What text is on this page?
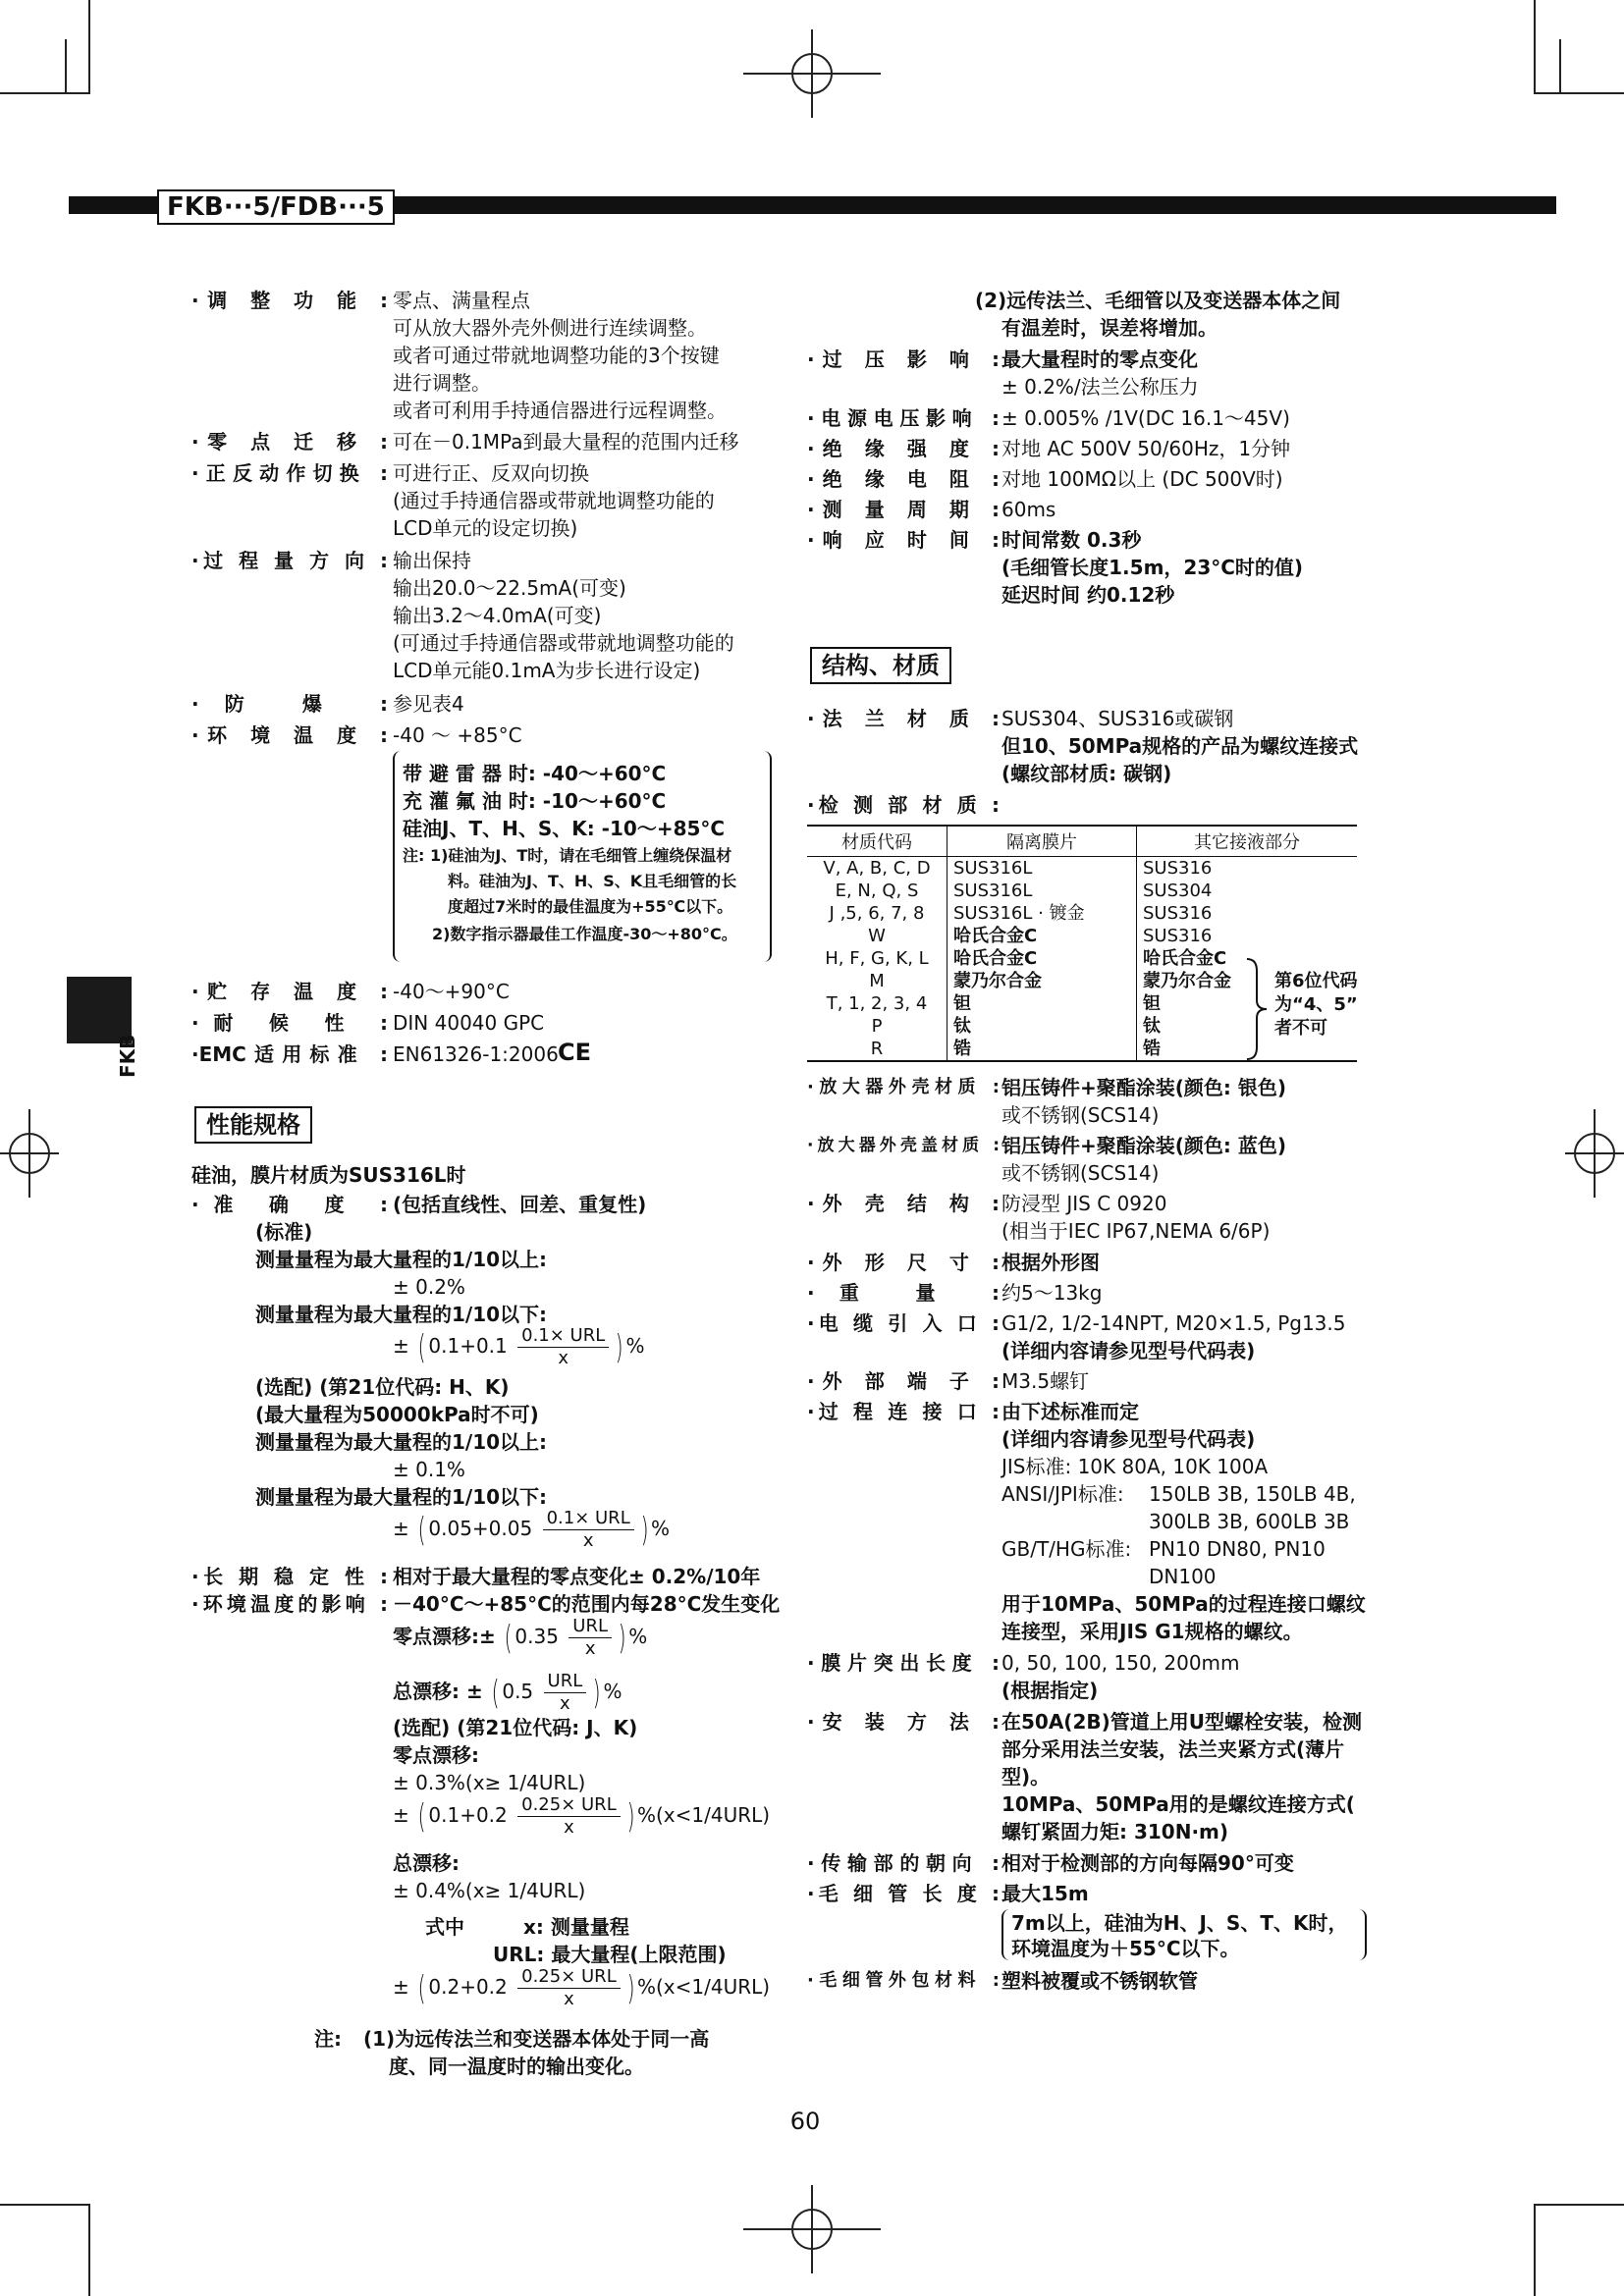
FKB···5/FDB···5
FKB
·调 整 功 能 : 零点、满量程点
可从放大器外壳外侧进行连续调整。
或者可通过带就地调整功能的3个按键
进行调整。
或者可利用手持通信器进行远程调整。
·零 点 迁 移 : 可在－0.1MPa到最大量程的范围内迁移
·正反动作切换 : 可进行正、反双向切换
(通过手持通信器或带就地调整功能的
LCD单元的设定切换)
·过 程 量 方 向 : 输出保持
输出20.0～22.5mA(可变)
输出3.2～4.0mA(可变)
(可通过手持通信器或带就地调整功能的
LCD单元能0.1mA为步长进行设定)
·防 爆 : 参见表4
·环 境 温 度 : -40 ～ +85°C
带 避 雷 器 时: -40～+60°C
充 灌 氟 油 时: -10～+60°C
硅油J、T、H、S、K: -10～+85°C
注: 1)硅油为J、T时，请在毛细管上缠绕保温材
料。硅油为J、T、H、S、K且毛细管的长
度超过7米时的最佳温度为+55℃以下。
2)数字指示器最佳工作温度-30～+80°C。
·贮 存 温 度 : -40～+90°C
·耐 候 性 : DIN 40040 GPC
·EMC适用标准 : EN61326-1:2006 CE
性能规格
硅油，膜片材质为SUS316L时
·准 确 度 : (包括直线性、回差、重复性)
(标准)
测量量程为最大量程的1/10以上:
± 0.2%
测量量程为最大量程的1/10以下:
± ( $0.1+0.1 \frac{\text{0.1× URL}}{x}$ ) %
(选配) (第21位代码: H、K)
(最大量程为50000kPa时不可)
测量量程为最大量程的1/10以上:
± 0.1%
测量量程为最大量程的1/10以下:
± ( $0.05+0.05 \frac{\text{0.1× URL}}{x}$ ) %
·长 期 稳 定 性 : 相对于最大量程的零点变化± 0.2%/10年
·环境温度的影响 : －40°C～+85°C的范围内每28°C发生变化
零点漂移:± ( $0.35 \frac{\text{URL}}{x}$ ) %
总漂移: ± ( $0.5 \frac{\text{URL}}{x}$ ) %
(选配) (第21位代码: J、K)
零点漂移:
± 0.3%(x≥ 1/4URL)
± ( $0.1+0.2 \frac{\text{0.25× URL}}{x}$ ) %(x<1/4URL)
总漂移:
± 0.4%(x≥ 1/4URL)
式中	x: 测量量程
URL: 最大量程(上限范围)
± ( $0.2+0.2 \frac{\text{0.25× URL}}{x}$ ) %(x<1/4URL)
注: (1)为远传法兰和变送器本体处于同一高
度、同一温度时的输出变化。
(2)远传法兰、毛细管以及变送器本体之间
有温差时，误差将增加。
·过 压 影 响 : 最大量程时的零点变化
± 0.2%/法兰公称压力
·电源电压影响 : ± 0.005% /1V(DC 16.1～45V)
·绝 缘 强 度 : 对地 AC 500V 50/60Hz，1分钟
·绝 缘 电 阻 : 对地 100MΩ以上 (DC 500V时)
·测 量 周 期 : 60ms
·响 应 时 间 : 时间常数 0.3秒
(毛细管长度1.5m，23°C时的值)
延迟时间 约0.12秒
结构、材质
·法 兰 材 质 : SUS304、SUS316或碳钢
但10、50MPa规格的产品为螺纹连接式
(螺纹部材质: 碳钢)
·检 测 部 材 质 :
材质代码	隔离膜片	其它接液部分
V, A, B, C, D	SUS316L	SUS316
E, N, Q, S	SUS316L	SUS304
J ,5, 6, 7, 8	SUS316L · 镀金	SUS316
W	哈氏合金C	SUS316
H, F, G, K, L	哈氏合金C	哈氏合金C
M	蒙乃尔合金	蒙乃尔合金
T, 1, 2, 3, 4	钽	钽
P	钛	钛
R	锆	锆
第6位代码
为“4、5”
者不可
·放大器外壳材质 : 铝压铸件+聚酯涂装(颜色: 银色)
或不锈钢(SCS14)
·放大器外壳盖材质 : 铝压铸件+聚酯涂装(颜色: 蓝色)
或不锈钢(SCS14)
·外 壳 结 构 : 防浸型 JIS C 0920
(相当于IEC IP67,NEMA 6/6P)
·外 形 尺 寸 : 根据外形图
·重 量 : 约5～13kg
·电 缆 引 入 口 : G1/2, 1/2-14NPT, M20×1.5, Pg13.5
(详细内容请参见型号代码表)
·外 部 端 子 : M3.5螺钉
·过 程 连 接 口 : 由下述标准而定
(详细内容请参见型号代码表)
JIS标准: 10K 80A, 10K 100A
ANSI/JPI标准: 150LB 3B, 150LB 4B,
300LB 3B, 600LB 3B
GB/T/HG标准: PN10 DN80, PN10
DN100
用于10MPa、50MPa的过程连接口螺纹
连接型，采用JIS G1规格的螺纹。
·膜片突出长度 : 0, 50, 100, 150, 200mm
(根据指定)
·安 装 方 法 : 在50A(2B)管道上用U型螺栓安装，检测
部分采用法兰安装，法兰夹紧方式(薄片
型)。
10MPa、50MPa用的是螺纹连接方式(
螺钉紧固力矩: 310N·m)
·传输部的朝向 : 相对于检测部的方向每隔90°可变
·毛 细 管 长 度 : 最大15m
7m以上，硅油为H、J、S、T、K时，
环境温度为＋55°C以下。
·毛细管外包材料 : 塑料被覆或不锈钢软管
60
